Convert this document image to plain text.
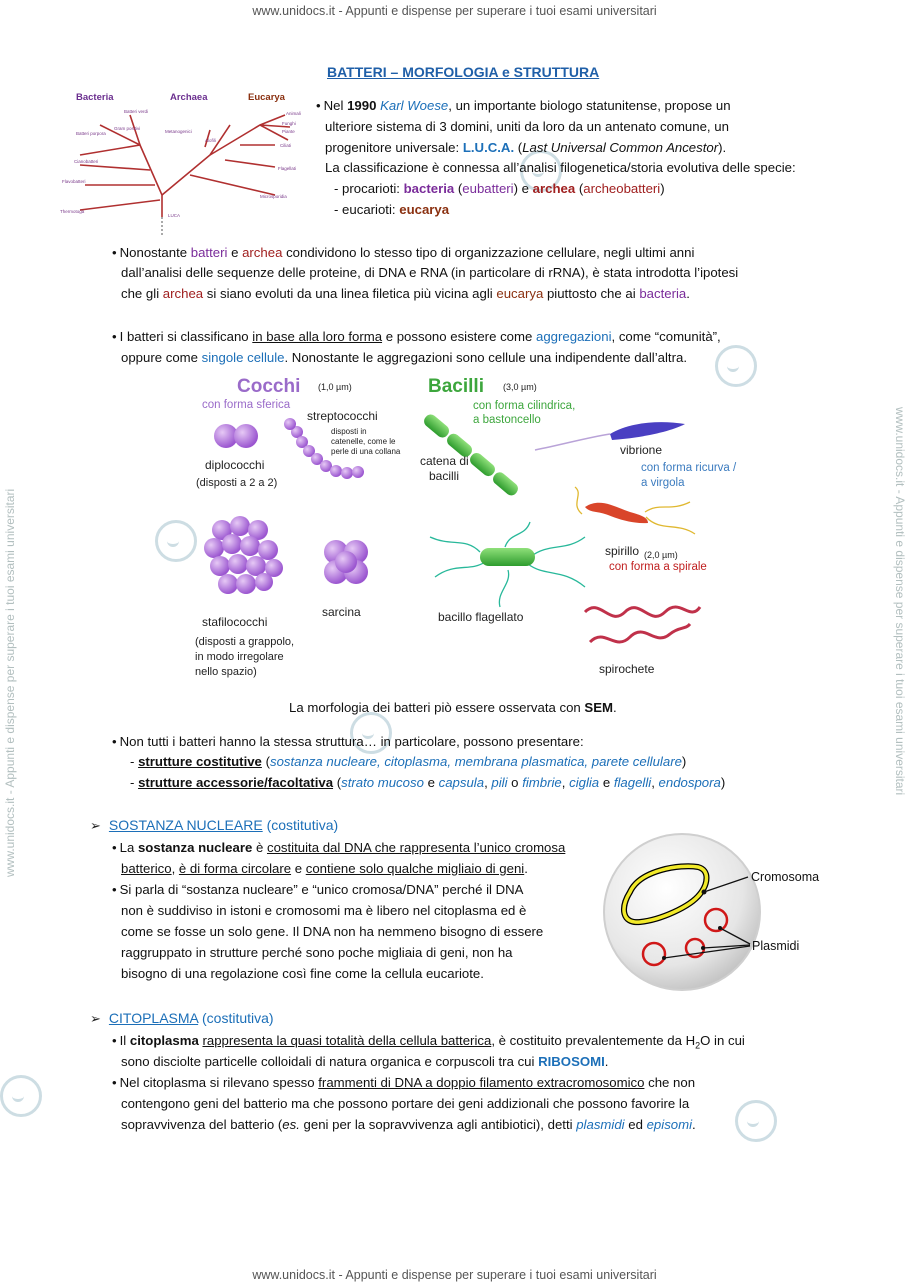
www.unidocs.it - Appunti e dispense per superare i tuoi esami universitari
www.unidocs.it - Appunti e dispense per superare i tuoi esami universitari
www.unidocs.it - Appunti e dispense per superare i tuoi esami universitari	www.unidocs.it - Appunti e dispense per superare i tuoi esami universitari
BATTERI – MORFOLOGIA e STRUTTURA
Bacteria	Archaea	Eucarya
Batteri verdi
Gram positivi
Batteri porpora
Cianobatteri
Flavobatteri
Thermotoga
Metanogenici
Alofili
Animali
Funghi
Piante
Ciliati
Flagellati
Microsporidia
LUCA
• Nel 1990 Karl Woese, un importante biologo statunitense, propose un
ulteriore sistema di 3 domini, uniti da loro da un antenato comune, un
progenitore universale: L.U.C.A. (Last Universal Common Ancestor).
La classificazione è connessa all’analisi filogenetica/storia evolutiva delle specie:
- procarioti: bacteria (eubatteri) e archea (archeobatteri)
- eucarioti: eucarya
• Nonostante batteri e archea condividono lo stesso tipo di organizzazione cellulare, negli ultimi anni
dall’analisi delle sequenze delle proteine, di DNA e RNA (in particolare di rRNA), è stata introdotta l’ipotesi
che gli archea si siano evoluti da una linea filetica più vicina agli eucarya piuttosto che ai bacteria.
• I batteri si classificano in base alla loro forma e possono esistere come aggregazioni, come “comunità”,
oppure come singole cellule. Nonostante le aggregazioni sono cellule una indipendente dall’altra.
Cocchi (1,0 µm)
con forma sferica
Bacilli (3,0 µm)
con forma cilindrica,
a bastoncello
diplococchi
(disposti a 2 a 2)
streptococchi
disposti in
catenelle, come le
perle di una collana
catena di
bacilli
vibrione
con forma ricurva /
a virgola
stafilococchi
(disposti a grappolo,
in modo irregolare
nello spazio)
sarcina	bacillo flagellato
spirillo (2,0 µm)
con forma a spirale
spirochete
La morfologia dei batteri piò essere osservata con SEM.
• Non tutti i batteri hanno la stessa struttura… in particolare, possono presentare:
- strutture costitutive (sostanza nucleare, citoplasma, membrana plasmatica, parete cellulare)
- strutture accessorie/facoltativa (strato mucoso e capsula, pili o fimbrie, ciglia e flagelli, endospora)
➢ SOSTANZA NUCLEARE (costitutiva)
• La sostanza nucleare è costituita dal DNA che rappresenta l’unico cromosa
batterico, è di forma circolare e contiene solo qualche migliaio di geni.
• Si parla di “sostanza nucleare” e “unico cromosa/DNA” perché il DNA
non è suddiviso in istoni e cromosomi ma è libero nel citoplasma ed è
come se fosse un solo gene. Il DNA non ha nemmeno bisogno di essere
raggruppato in strutture perché sono poche migliaia di geni, non ha
bisogno di una regolazione così fine come la cellula eucariote.
Cromosoma
Plasmidi
➢ CITOPLASMA (costitutiva)
• Il citoplasma rappresenta la quasi totalità della cellula batterica, è costituito prevalentemente da $H_2O$ in cui
sono disciolte particelle colloidali di natura organica e corpuscoli tra cui RIBOSOMI.
• Nel citoplasma si rilevano spesso frammenti di DNA a doppio filamento extracromosomico che non
contengono geni del batterio ma che possono portare dei geni addizionali che possono favorire la
sopravvivenza del batterio (es. geni per la sopravvivenza agli antibiotici), detti plasmidi ed episomi.
